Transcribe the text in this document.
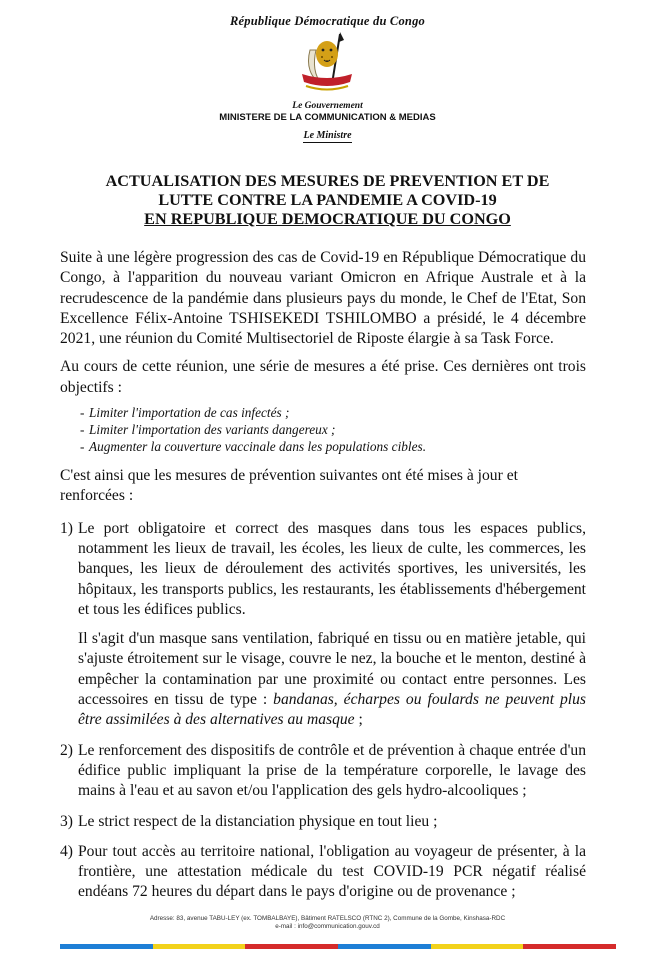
République Démocratique du Congo
Le Gouvernement
MINISTERE DE LA COMMUNICATION & MEDIAS
Le Ministre
ACTUALISATION DES MESURES DE PREVENTION ET DE
LUTTE CONTRE LA PANDEMIE A COVID-19
EN REPUBLIQUE DEMOCRATIQUE DU CONGO

Suite à une légère progression des cas de Covid-19 en République Démocratique du Congo, à l'apparition du nouveau variant Omicron en Afrique Australe et à la recrudescence de la pandémie dans plusieurs pays du monde, le Chef de l'Etat, Son Excellence Félix-Antoine TSHISEKEDI TSHILOMBO a présidé, le 4 décembre 2021, une réunion du Comité Multisectoriel de Riposte élargie à sa Task Force.

Au cours de cette réunion, une série de mesures a été prise. Ces dernières ont trois objectifs :

- Limiter l'importation de cas infectés ;
- Limiter l'importation des variants dangereux ;
- Augmenter la couverture vaccinale dans les populations cibles.

C'est ainsi que les mesures de prévention suivantes ont été mises à jour et renforcées :

1) Le port obligatoire et correct des masques dans tous les espaces publics, notamment les lieux de travail, les écoles, les lieux de culte, les commerces, les banques, les lieux de déroulement des activités sportives, les universités, les hôpitaux, les transports publics, les restaurants, les établissements d'hébergement et tous les édifices publics.
Il s'agit d'un masque sans ventilation, fabriqué en tissu ou en matière jetable, qui s'ajuste étroitement sur le visage, couvre le nez, la bouche et le menton, destiné à empêcher la contamination par une proximité ou contact entre personnes. Les accessoires en tissu de type : bandanas, écharpes ou foulards ne peuvent plus être assimilées à des alternatives au masque ;
2) Le renforcement des dispositifs de contrôle et de prévention à chaque entrée d'un édifice public impliquant la prise de la température corporelle, le lavage des mains à l'eau et au savon et/ou l'application des gels hydro-alcooliques ;
3) Le strict respect de la distanciation physique en tout lieu ;
4) Pour tout accès au territoire national, l'obligation au voyageur de présenter, à la frontière, une attestation médicale du test COVID-19 PCR négatif réalisé endéans 72 heures du départ dans le pays d'origine ou de provenance ;
Adresse: 83, avenue TABU-LEY (ex. TOMBALBAYE), Bâtiment RATELSCO (RTNC 2), Commune de la Gombe, Kinshasa-RDC
e-mail : info@communication.gouv.cd
